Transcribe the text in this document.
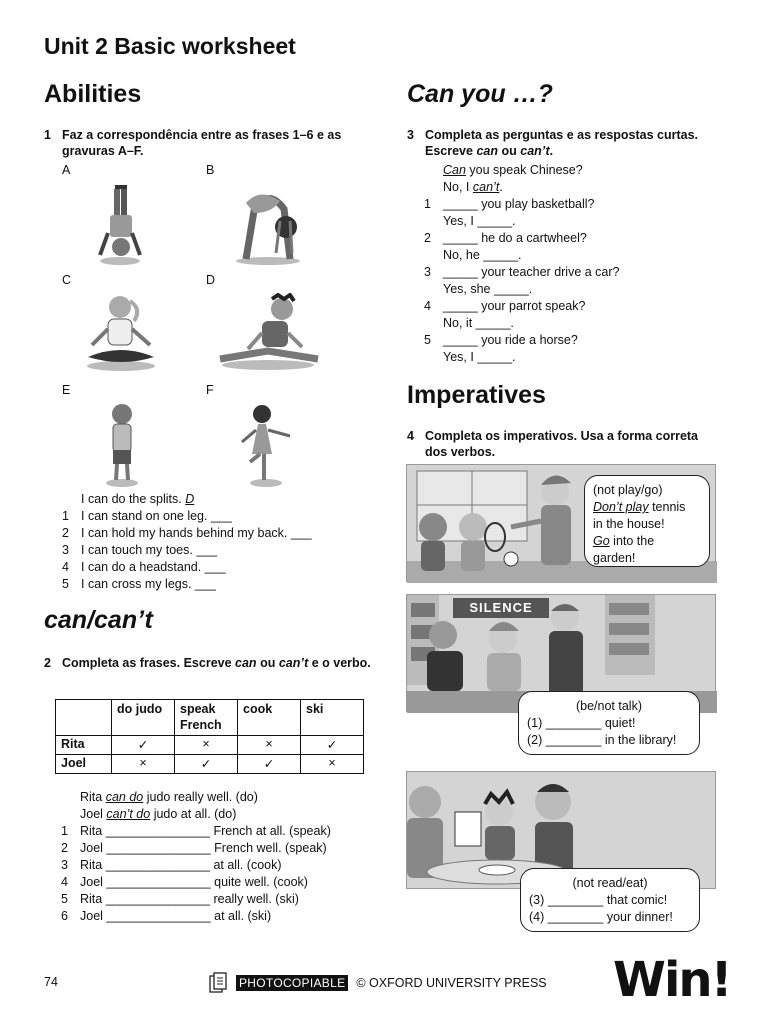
Unit 2 Basic worksheet
Abilities
1 Faz a correspondência entre as frases 1–6 e as gravuras A–F.
A	B
C	D
E	F
I can do the splits. D
1 I can stand on one leg. ___
2 I can hold my hands behind my back. ___
3 I can touch my toes. ___
4 I can do a headstand. ___
5 I can cross my legs. ___
can/can’t
2 Completa as frases. Escreve can ou can’t e o verbo.
	do judo	speak French	cook	ski
Rita	✓	×	×	✓
Joel	×	✓	✓	×
Rita can do judo really well. (do)
Joel can’t do judo at all. (do)
1 Rita _______________ French at all. (speak)
2 Joel _______________ French well. (speak)
3 Rita _______________ at all. (cook)
4 Joel _______________ quite well. (cook)
5 Rita _______________ really well. (ski)
6 Joel _______________ at all. (ski)
Can you …?
3 Completa as perguntas e as respostas curtas. Escreve can ou can’t.
Can you speak Chinese?
No, I can’t.
1 _____ you play basketball?
Yes, I _____.
2 _____ he do a cartwheel?
No, he _____.
3 _____ your teacher drive a car?
Yes, she _____.
4 _____ your parrot speak?
No, it _____.
5 _____ you ride a horse?
Yes, I _____.
Imperatives
4 Completa os imperativos. Usa a forma correta dos verbos.
(not play/go)
Don’t play tennis
in the house!
Go into the
garden!
SILENCE
(be/not talk)
(1) ________ quiet!
(2) ________ in the library!
(not read/eat)
(3) ________ that comic!
(4) ________ your dinner!
74	PHOTOCOPIABLE © OXFORD UNIVERSITY PRESS Win!
